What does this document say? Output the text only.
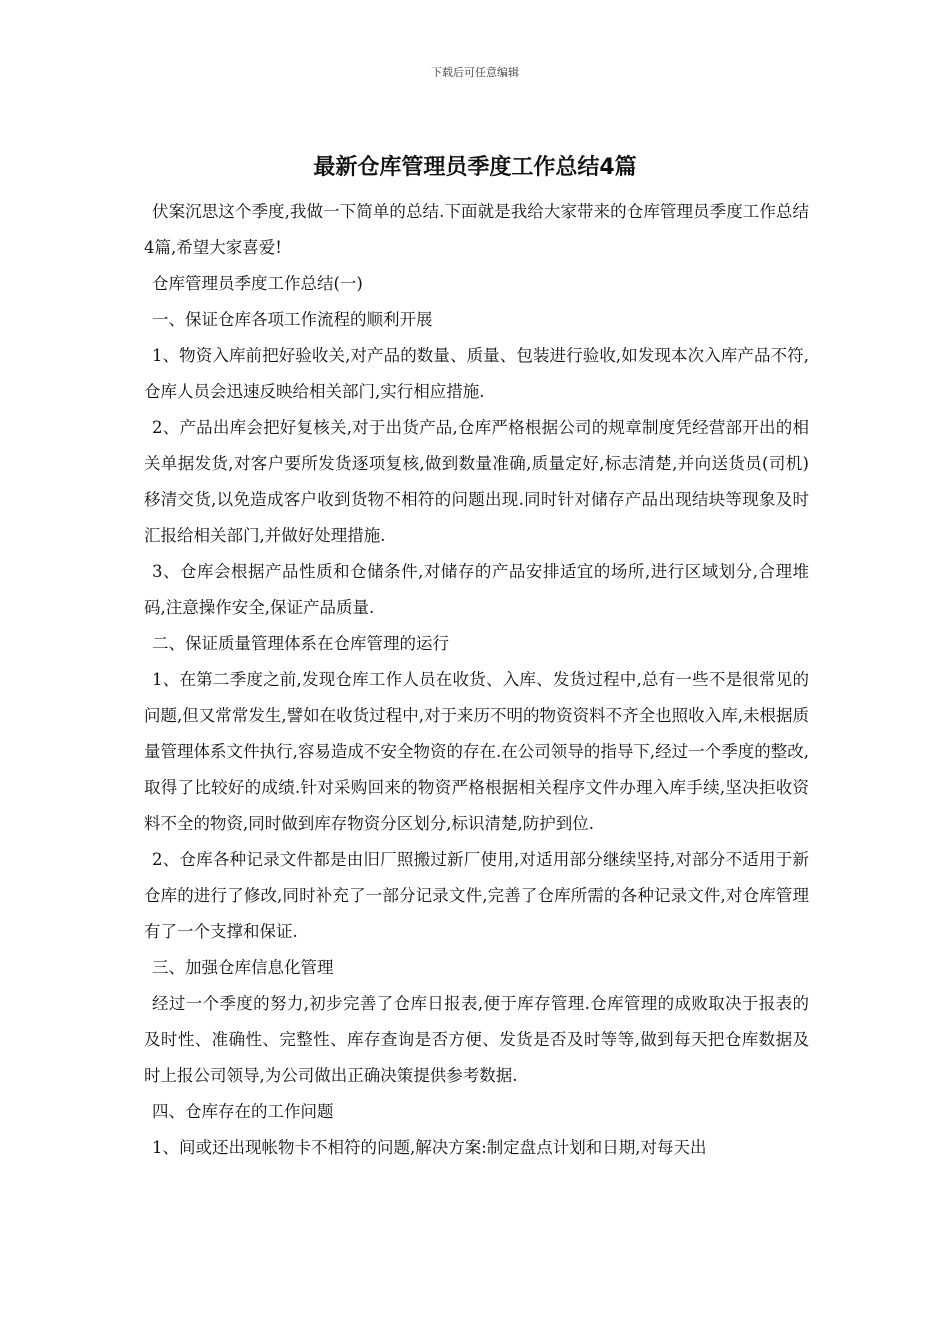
下载后可任意编辑
最新仓库管理员季度工作总结4篇

伏案沉思这个季度,我做一下简单的总结.下面就是我给大家带来的仓库管理员季度工作总结4篇,希望大家喜爱!

仓库管理员季度工作总结(一)

一、保证仓库各项工作流程的顺利开展

1、物资入库前把好验收关,对产品的数量、质量、包装进行验收,如发现本次入库产品不符,仓库人员会迅速反映给相关部门,实行相应措施.

2、产品出库会把好复核关,对于出货产品,仓库严格根据公司的规章制度凭经营部开出的相关单据发货,对客户要所发货逐项复核,做到数量准确,质量定好,标志清楚,并向送货员(司机)移清交货,以免造成客户收到货物不相符的问题出现.同时针对储存产品出现结块等现象及时汇报给相关部门,并做好处理措施.

3、仓库会根据产品性质和仓储条件,对储存的产品安排适宜的场所,进行区域划分,合理堆码,注意操作安全,保证产品质量.

二、保证质量管理体系在仓库管理的运行

1、在第二季度之前,发现仓库工作人员在收货、入库、发货过程中,总有一些不是很常见的问题,但又常常发生,譬如在收货过程中,对于来历不明的物资资料不齐全也照收入库,未根据质量管理体系文件执行,容易造成不安全物资的存在.在公司领导的指导下,经过一个季度的整改,取得了比较好的成绩.针对采购回来的物资严格根据相关程序文件办理入库手续,坚决拒收资料不全的物资,同时做到库存物资分区划分,标识清楚,防护到位.

2、仓库各种记录文件都是由旧厂照搬过新厂使用,对适用部分继续坚持,对部分不适用于新仓库的进行了修改,同时补充了一部分记录文件,完善了仓库所需的各种记录文件,对仓库管理有了一个支撑和保证.

三、加强仓库信息化管理

经过一个季度的努力,初步完善了仓库日报表,便于库存管理.仓库管理的成败取决于报表的及时性、准确性、完整性、库存查询是否方便、发货是否及时等等,做到每天把仓库数据及时上报公司领导,为公司做出正确决策提供参考数据.

四、仓库存在的工作问题

1、间或还出现帐物卡不相符的问题,解决方案:制定盘点计划和日期,对每天出
